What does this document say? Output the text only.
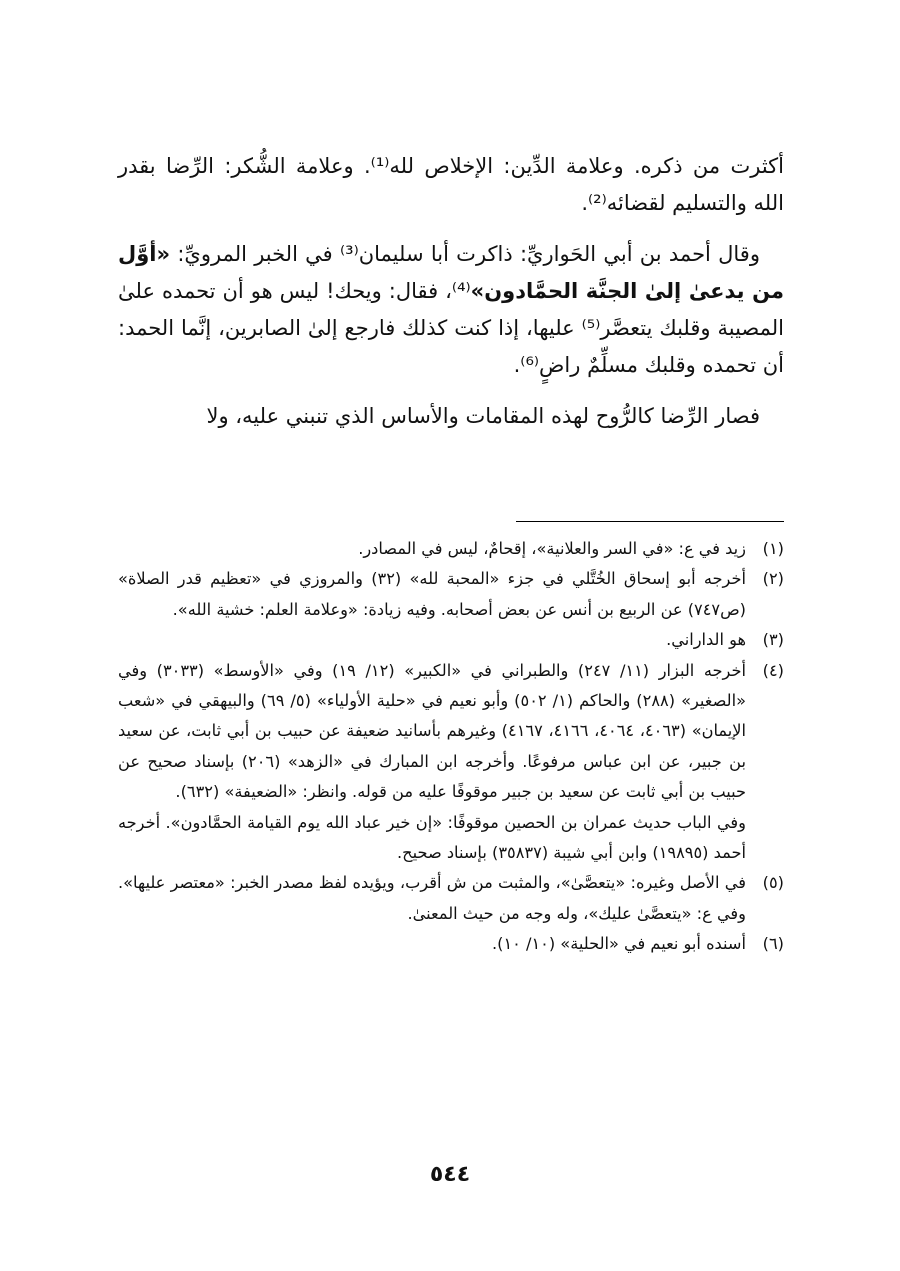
أكثرت من ذكره. وعلامة الدِّين: الإخلاص لله⁽¹⁾. وعلامة الشُّكر: الرِّضا بقدر الله والتسليم لقضائه⁽²⁾.

وقال أحمد بن أبي الحَواريِّ: ذاكرت أبا سليمان⁽³⁾ في الخبر المرويِّ: «أوَّل من يدعىٰ إلىٰ الجنَّة الحمَّادون»⁽⁴⁾، فقال: ويحك! ليس هو أن تحمده علىٰ المصيبة وقلبك يتعصَّر⁽⁵⁾ عليها، إذا كنت كذلك فارجع إلىٰ الصابرين، إنَّما الحمد: أن تحمده وقلبك مسلِّمٌ راضٍ⁽⁶⁾.

فصار الرِّضا كالرُّوح لهذه المقامات والأساس الذي تنبني عليه، ولا

(١)

زيد في ع: «في السر والعلانية»، إقحامٌ، ليس في المصادر.

(٢)

أخرجه أبو إسحاق الخُتَّلي في جزء «المحبة لله» (٣٢) والمروزي في «تعظيم قدر الصلاة» (ص٧٤٧) عن الربيع بن أنس عن بعض أصحابه. وفيه زيادة: «وعلامة العلم: خشية الله».

(٣)

هو الداراني.

(٤)

أخرجه البزار (١١/ ٢٤٧) والطبراني في «الكبير» (١٢/ ١٩) وفي «الأوسط» (٣٠٣٣) وفي «الصغير» (٢٨٨) والحاكم (١/ ٥٠٢) وأبو نعيم في «حلية الأولياء» (٥/ ٦٩) والبيهقي في «شعب الإيمان» (٤٠٦٣، ٤٠٦٤، ٤١٦٦، ٤١٦٧) وغيرهم بأسانيد ضعيفة عن حبيب بن أبي ثابت، عن سعيد بن جبير، عن ابن عباس مرفوعًا. وأخرجه ابن المبارك في «الزهد» (٢٠٦) بإسناد صحيح عن حبيب بن أبي ثابت عن سعيد بن جبير موقوفًا عليه من قوله. وانظر: «الضعيفة» (٦٣٢).

وفي الباب حديث عمران بن الحصين موقوفًا: «إن خير عباد الله يوم القيامة الحمَّادون». أخرجه أحمد (١٩٨٩٥) وابن أبي شيبة (٣٥٨٣٧) بإسناد صحيح.

(٥)

في الأصل وغيره: «يتعصَّىٰ»، والمثبت من ش أقرب، ويؤيده لفظ مصدر الخبر: «معتصر عليها». وفي ع: «يتعصَّىٰ عليك»، وله وجه من حيث المعنىٰ.

(٦)

أسنده أبو نعيم في «الحلية» (١٠/ ١٠).

٥٤٤
